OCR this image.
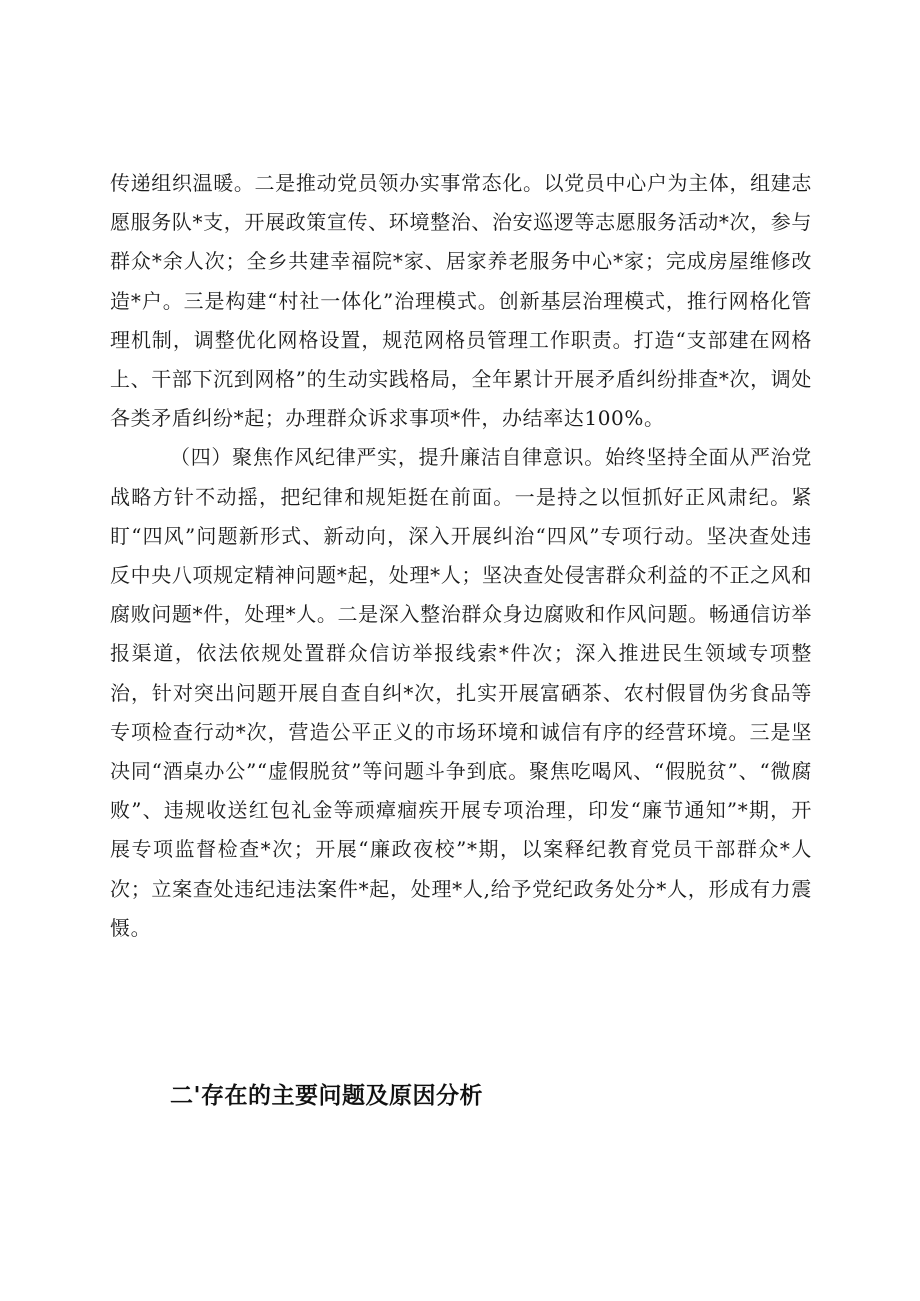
传递组织温暖。二是推动党员领办实事常态化。以党员中心户为主体，组建志愿服务队*支，开展政策宣传、环境整治、治安巡逻等志愿服务活动*次，参与群众*余人次；全乡共建幸福院*家、居家养老服务中心*家；完成房屋维修改造*户。三是构建“村社一体化”治理模式。创新基层治理模式，推行网格化管理机制，调整优化网格设置，规范网格员管理工作职责。打造“支部建在网格上、干部下沉到网格”的生动实践格局，全年累计开展矛盾纠纷排查*次，调处各类矛盾纠纷*起；办理群众诉求事项*件，办结率达100%。

（四）聚焦作风纪律严实，提升廉洁自律意识。始终坚持全面从严治党战略方针不动摇，把纪律和规矩挺在前面。一是持之以恒抓好正风肃纪。紧盯“四风”问题新形式、新动向，深入开展纠治“四风”专项行动。坚决查处违反中央八项规定精神问题*起，处理*人；坚决查处侵害群众利益的不正之风和腐败问题*件，处理*人。二是深入整治群众身边腐败和作风问题。畅通信访举报渠道，依法依规处置群众信访举报线索*件次；深入推进民生领域专项整治，针对突出问题开展自查自纠*次，扎实开展富硒茶、农村假冒伪劣食品等专项检查行动*次，营造公平正义的市场环境和诚信有序的经营环境。三是坚决同“酒桌办公”“虚假脱贫”等问题斗争到底。聚焦吃喝风、“假脱贫”、“微腐败”、违规收送红包礼金等顽瘴痼疾开展专项治理，印发“廉节通知”*期，开展专项监督检查*次；开展“廉政夜校”*期，以案释纪教育党员干部群众*人次；立案查处违纪违法案件*起，处理*人,给予党纪政务处分*人，形成有力震慑。

二'存在的主要问题及原因分析
